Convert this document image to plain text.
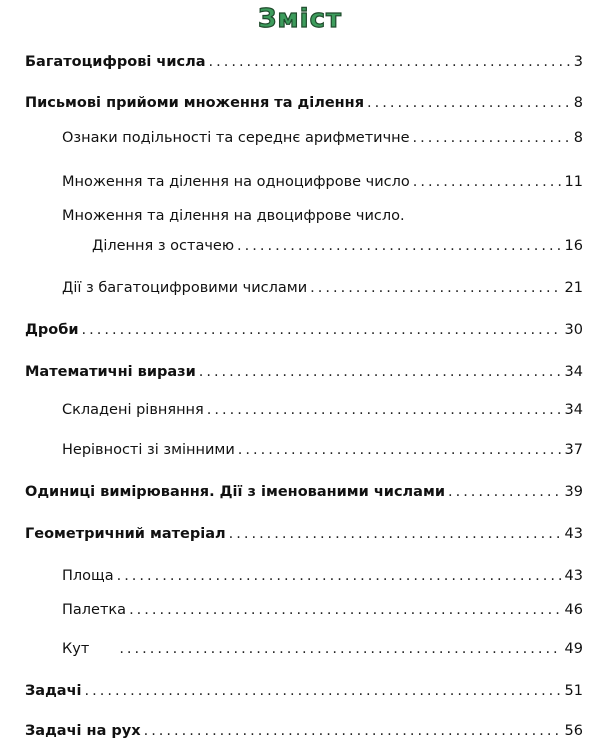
Зміст
Багатоцифрові числа .....	3
Письмові прийоми множення та ділення .....	8
Ознаки подільності та середнє арифметичне .....	8
Множення та ділення на одноцифрове число .....	11
Множення та ділення на двоцифрове число.
Ділення з остачею .....	16
Дії з багатоцифровими числами .....	21
Дроби .....	30
Математичні вирази .....	34
Складені рівняння .....	34
Нерівності зі змінними .....	37
Одиниці вимірювання. Дії з іменованими числами .....	39
Геометричний матеріал .....	43
Площа .....	43
Палетка .....	46
Кут .....	49
Задачі .....	51
Задачі на рух .....	56
